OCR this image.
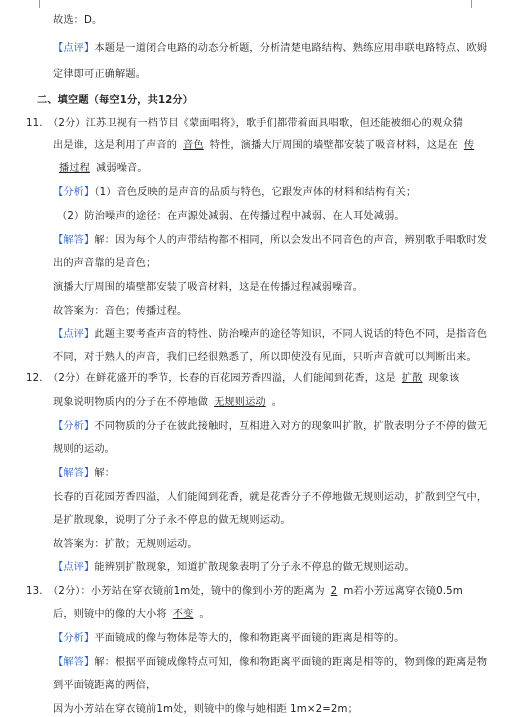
故选：D。
【点评】本题是一道闭合电路的动态分析题，分析清楚电路结构、熟练应用串联电路特点、欧姆
定律即可正确解题。
二、填空题（每空1分，共12分）
11. （2分）江苏卫视有一档节目《蒙面唱将》，歌手们都带着面具唱歌，但还能被细心的观众猜
出是谁，这是利用了声音的 音色 特性，演播大厅周围的墙壁都安装了吸音材料，这是在 传
播过程 减弱噪音。
【分析】（1）音色反映的是声音的品质与特色，它跟发声体的材料和结构有关；
（2）防治噪声的途径：在声源处减弱、在传播过程中减弱、在人耳处减弱。
【解答】解：因为每个人的声带结构都不相同，所以会发出不同音色的声音，辨别歌手唱歌时发
出的声音靠的是音色；
演播大厅周围的墙壁都安装了吸音材料，这是在传播过程减弱噪音。
故答案为：音色；传播过程。
【点评】此题主要考查声音的特性、防治噪声的途径等知识，不同人说话的特色不同，是指音色
不同，对于熟人的声音，我们已经很熟悉了，所以即使没有见面，只听声音就可以判断出来。
12. （2分）在鲜花盛开的季节，长春的百花园芳香四溢，人们能闻到花香，这是 扩散 现象该
现象说明物质内的分子在不停地做 无规则运动 。
【分析】不同物质的分子在彼此接触时，互相进入对方的现象叫扩散，扩散表明分子不停的做无
规则的运动。
【解答】解：
长春的百花园芳香四溢，人们能闻到花香，就是花香分子不停地做无规则运动，扩散到空气中，
是扩散现象，说明了分子永不停息的做无规则运动。
故答案为：扩散；无规则运动。
【点评】能辨别扩散现象，知道扩散现象表明了分子永不停息的做无规则运动。
13. （2分）：小芳站在穿衣镜前1m处，镜中的像到小芳的距离为 2 m若小芳远离穿衣镜0.5m
后，则镜中的像的大小将 不变 。
【分析】平面镜成的像与物体是等大的，像和物距离平面镜的距离是相等的。
【解答】解：根据平面镜成像特点可知，像和物距离平面镜的距离是相等的，物到像的距离是物
到平面镜距离的两倍，
因为小芳站在穿衣镜前1m处，则镜中的像与她相距 1m×2=2m；
